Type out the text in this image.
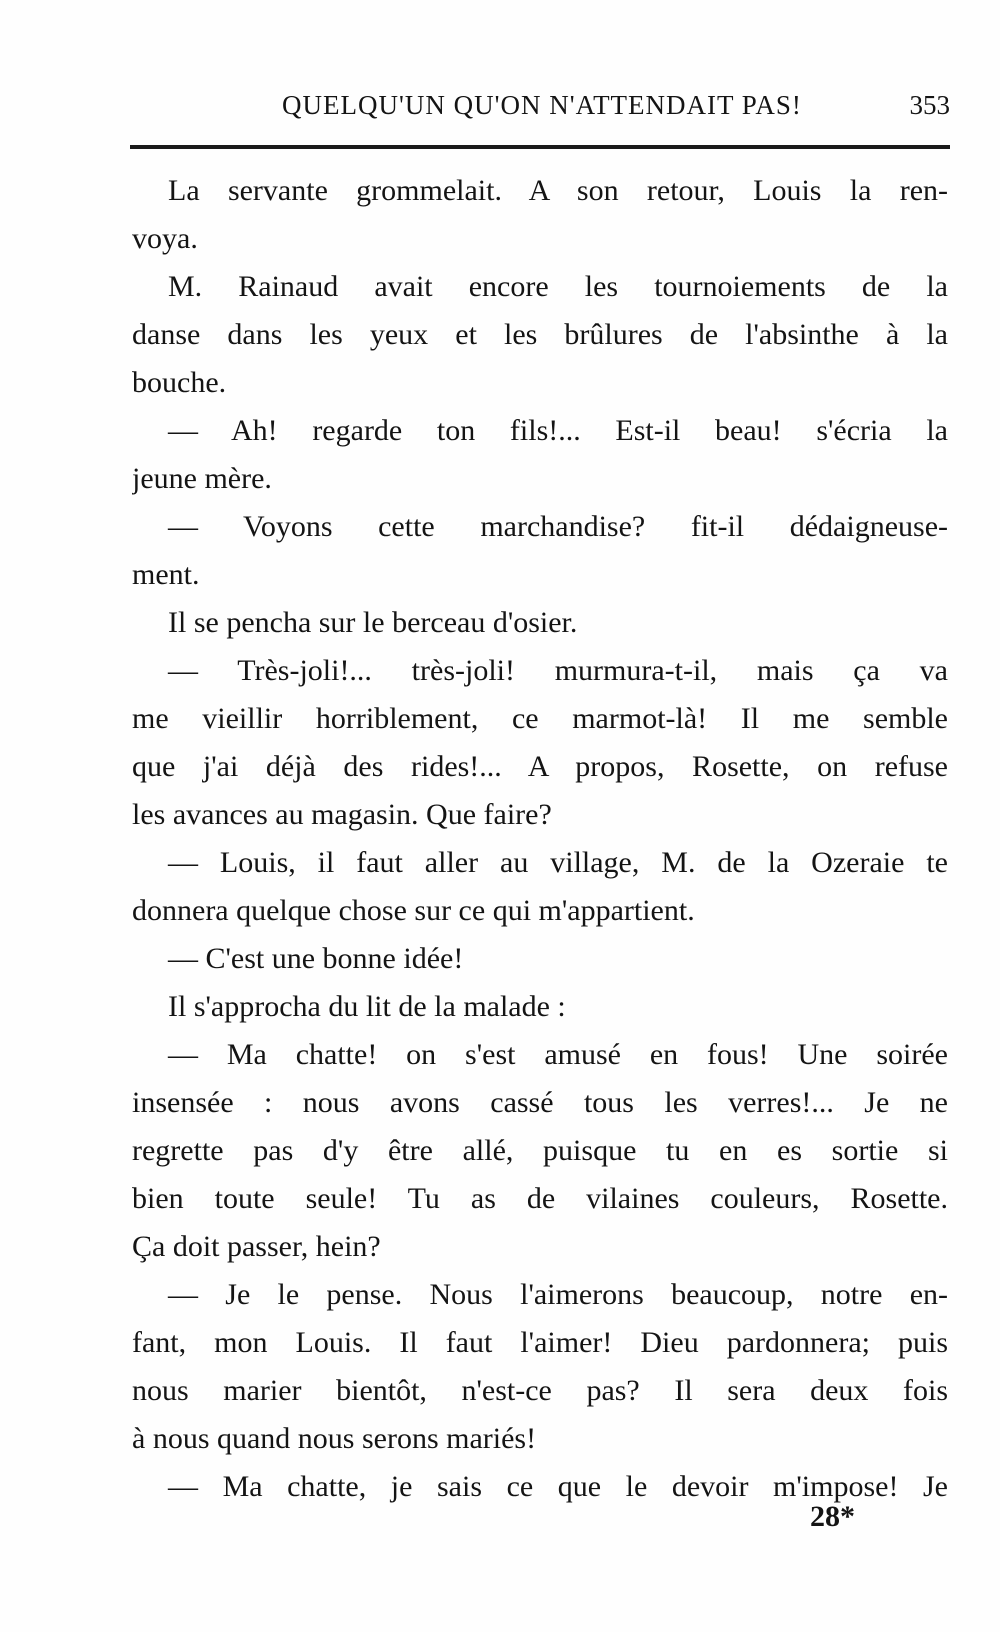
QUELQU'UN QU'ON N'ATTENDAIT PAS!	353
La servante grommelait. A son retour, Louis la ren-
voya.
M. Rainaud avait encore les tournoiements de la
danse dans les yeux et les brûlures de l'absinthe à la
bouche.
— Ah! regarde ton fils!... Est-il beau! s'écria la
jeune mère.
— Voyons cette marchandise? fit-il dédaigneuse-
ment.
Il se pencha sur le berceau d'osier.
— Très-joli!... très-joli! murmura-t-il, mais ça va
me vieillir horriblement, ce marmot-là! Il me semble
que j'ai déjà des rides!... A propos, Rosette, on refuse
les avances au magasin. Que faire?
— Louis, il faut aller au village, M. de la Ozeraie te
donnera quelque chose sur ce qui m'appartient.
— C'est une bonne idée!
Il s'approcha du lit de la malade :
— Ma chatte! on s'est amusé en fous! Une soirée
insensée : nous avons cassé tous les verres!... Je ne
regrette pas d'y être allé, puisque tu en es sortie si
bien toute seule! Tu as de vilaines couleurs, Rosette.
Ça doit passer, hein?
— Je le pense. Nous l'aimerons beaucoup, notre en-
fant, mon Louis. Il faut l'aimer! Dieu pardonnera; puis
nous marier bientôt, n'est-ce pas? Il sera deux fois
à nous quand nous serons mariés!
— Ma chatte, je sais ce que le devoir m'impose! Je
28*
